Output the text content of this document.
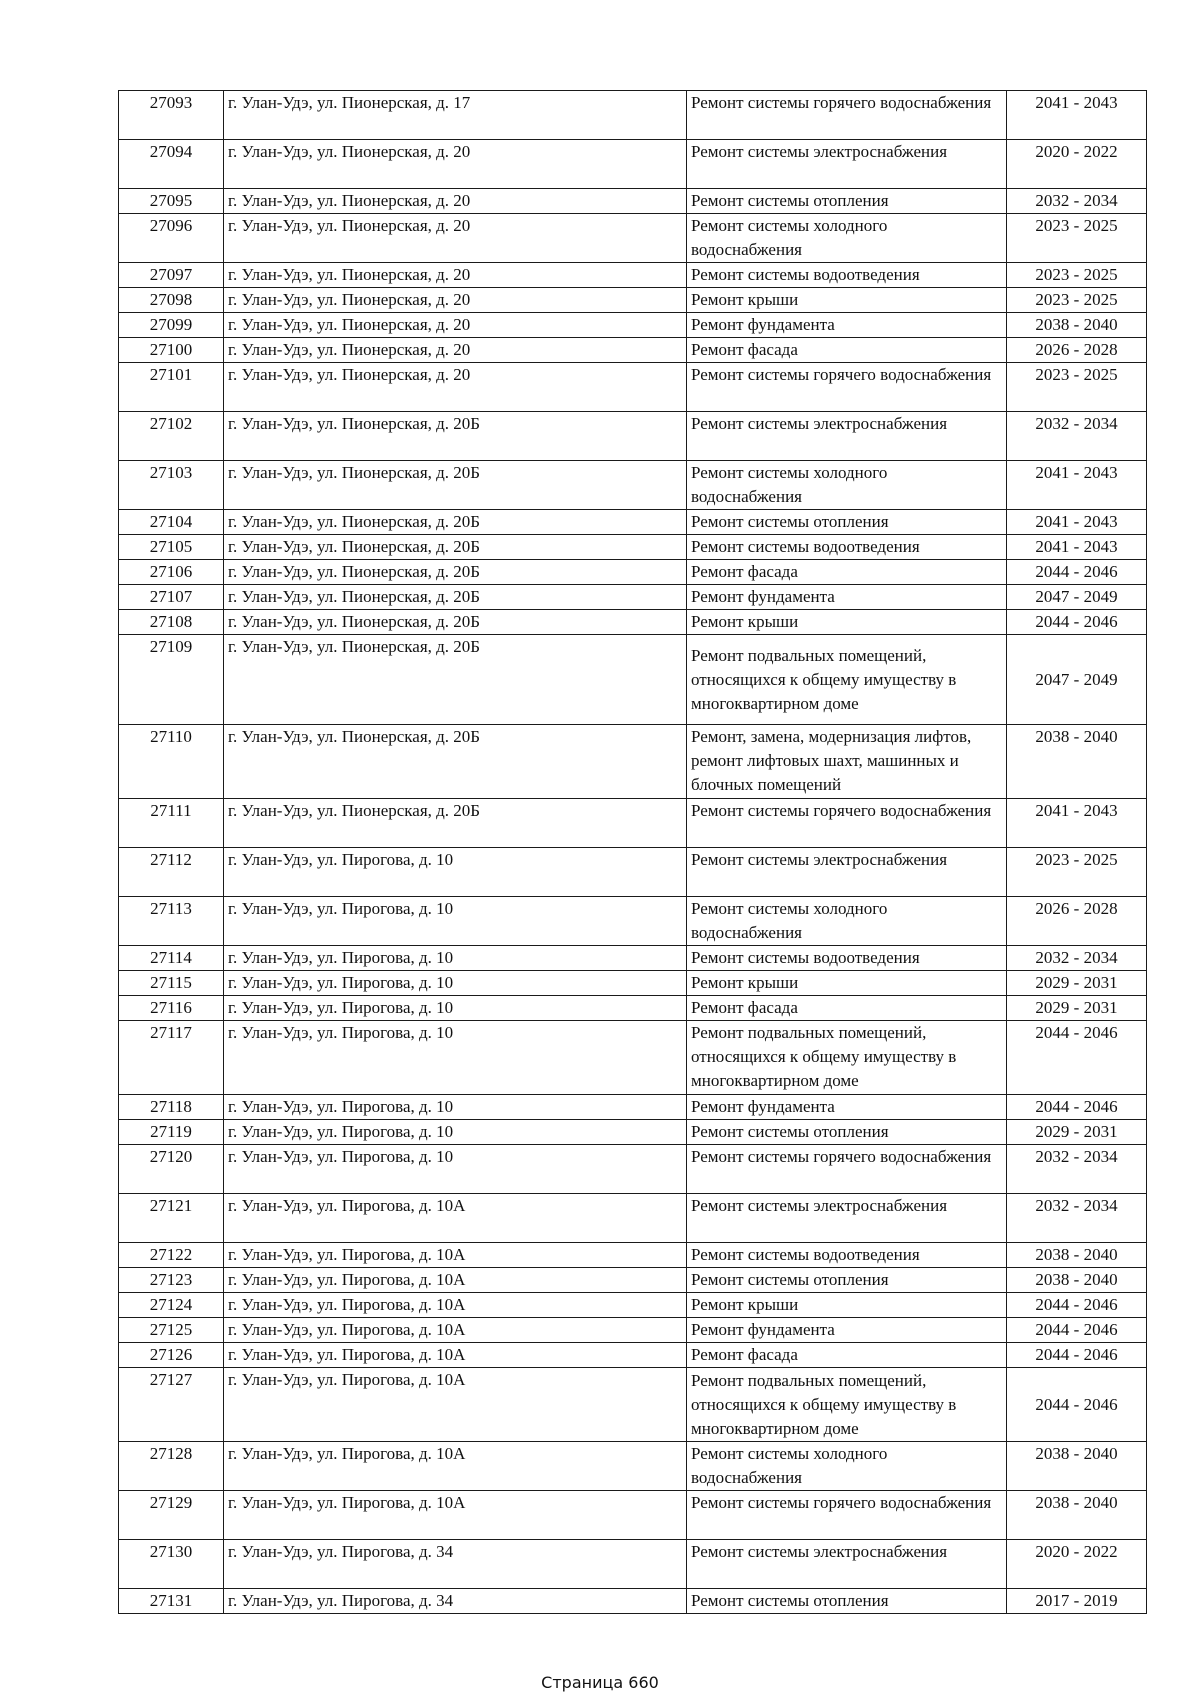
27093	г. Улан-Удэ, ул. Пионерская, д. 17	Ремонт системы горячего водоснабжения	2041 - 2043
27094	г. Улан-Удэ, ул. Пионерская, д. 20	Ремонт системы электроснабжения	2020 - 2022
27095	г. Улан-Удэ, ул. Пионерская, д. 20	Ремонт системы отопления	2032 - 2034
27096	г. Улан-Удэ, ул. Пионерская, д. 20	Ремонт системы холодного водоснабжения	2023 - 2025
27097	г. Улан-Удэ, ул. Пионерская, д. 20	Ремонт системы водоотведения	2023 - 2025
27098	г. Улан-Удэ, ул. Пионерская, д. 20	Ремонт крыши	2023 - 2025
27099	г. Улан-Удэ, ул. Пионерская, д. 20	Ремонт фундамента	2038 - 2040
27100	г. Улан-Удэ, ул. Пионерская, д. 20	Ремонт фасада	2026 - 2028
27101	г. Улан-Удэ, ул. Пионерская, д. 20	Ремонт системы горячего водоснабжения	2023 - 2025
27102	г. Улан-Удэ, ул. Пионерская, д. 20Б	Ремонт системы электроснабжения	2032 - 2034
27103	г. Улан-Удэ, ул. Пионерская, д. 20Б	Ремонт системы холодного водоснабжения	2041 - 2043
27104	г. Улан-Удэ, ул. Пионерская, д. 20Б	Ремонт системы отопления	2041 - 2043
27105	г. Улан-Удэ, ул. Пионерская, д. 20Б	Ремонт системы водоотведения	2041 - 2043
27106	г. Улан-Удэ, ул. Пионерская, д. 20Б	Ремонт фасада	2044 - 2046
27107	г. Улан-Удэ, ул. Пионерская, д. 20Б	Ремонт фундамента	2047 - 2049
27108	г. Улан-Удэ, ул. Пионерская, д. 20Б	Ремонт крыши	2044 - 2046
27109	г. Улан-Удэ, ул. Пионерская, д. 20Б	Ремонт подвальных помещений, относящихся к общему имуществу в многоквартирном доме	2047 - 2049
27110	г. Улан-Удэ, ул. Пионерская, д. 20Б	Ремонт, замена, модернизация лифтов, ремонт лифтовых шахт, машинных и блочных помещений	2038 - 2040
27111	г. Улан-Удэ, ул. Пионерская, д. 20Б	Ремонт системы горячего водоснабжения	2041 - 2043
27112	г. Улан-Удэ, ул. Пирогова, д. 10	Ремонт системы электроснабжения	2023 - 2025
27113	г. Улан-Удэ, ул. Пирогова, д. 10	Ремонт системы холодного водоснабжения	2026 - 2028
27114	г. Улан-Удэ, ул. Пирогова, д. 10	Ремонт системы водоотведения	2032 - 2034
27115	г. Улан-Удэ, ул. Пирогова, д. 10	Ремонт крыши	2029 - 2031
27116	г. Улан-Удэ, ул. Пирогова, д. 10	Ремонт фасада	2029 - 2031
27117	г. Улан-Удэ, ул. Пирогова, д. 10	Ремонт подвальных помещений, относящихся к общему имуществу в многоквартирном доме	2044 - 2046
27118	г. Улан-Удэ, ул. Пирогова, д. 10	Ремонт фундамента	2044 - 2046
27119	г. Улан-Удэ, ул. Пирогова, д. 10	Ремонт системы отопления	2029 - 2031
27120	г. Улан-Удэ, ул. Пирогова, д. 10	Ремонт системы горячего водоснабжения	2032 - 2034
27121	г. Улан-Удэ, ул. Пирогова, д. 10А	Ремонт системы электроснабжения	2032 - 2034
27122	г. Улан-Удэ, ул. Пирогова, д. 10А	Ремонт системы водоотведения	2038 - 2040
27123	г. Улан-Удэ, ул. Пирогова, д. 10А	Ремонт системы отопления	2038 - 2040
27124	г. Улан-Удэ, ул. Пирогова, д. 10А	Ремонт крыши	2044 - 2046
27125	г. Улан-Удэ, ул. Пирогова, д. 10А	Ремонт фундамента	2044 - 2046
27126	г. Улан-Удэ, ул. Пирогова, д. 10А	Ремонт фасада	2044 - 2046
27127	г. Улан-Удэ, ул. Пирогова, д. 10А	Ремонт подвальных помещений, относящихся к общему имуществу в многоквартирном доме	2044 - 2046
27128	г. Улан-Удэ, ул. Пирогова, д. 10А	Ремонт системы холодного водоснабжения	2038 - 2040
27129	г. Улан-Удэ, ул. Пирогова, д. 10А	Ремонт системы горячего водоснабжения	2038 - 2040
27130	г. Улан-Удэ, ул. Пирогова, д. 34	Ремонт системы электроснабжения	2020 - 2022
27131	г. Улан-Удэ, ул. Пирогова, д. 34	Ремонт системы отопления	2017 - 2019
Страница 660
